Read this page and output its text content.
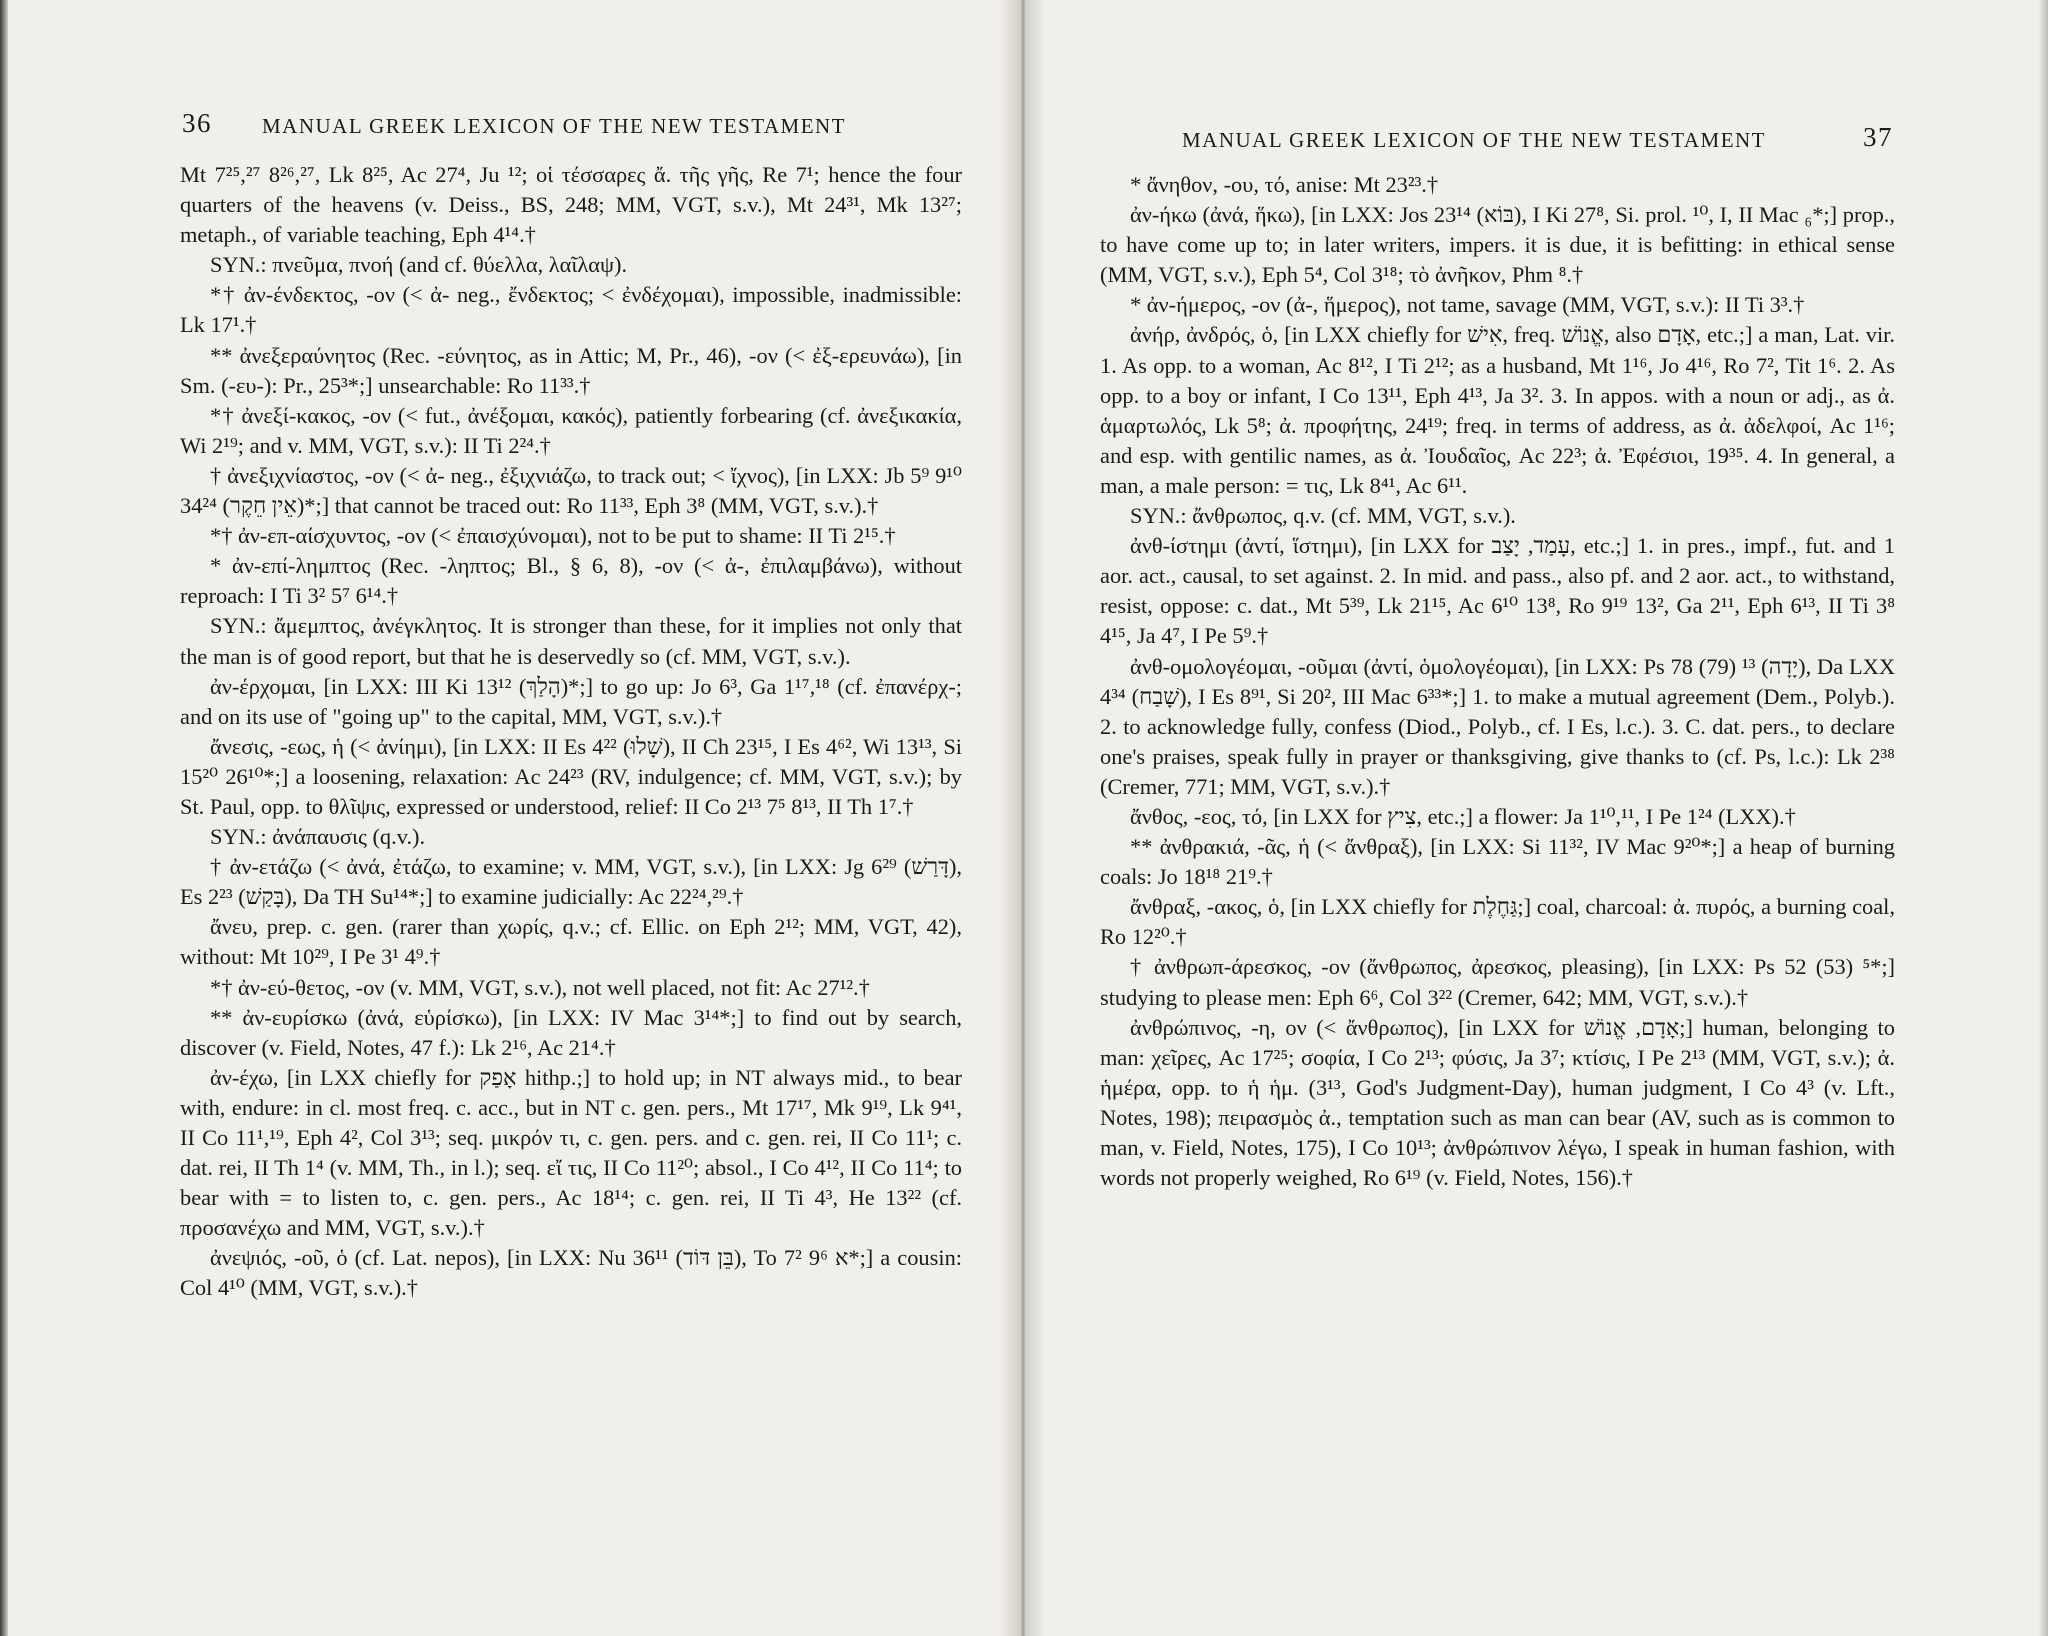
36 MANUAL GREEK LEXICON OF THE NEW TESTAMENT

Mt 7²⁵,²⁷ 8²⁶,²⁷, Lk 8²⁵, Ac 27⁴, Ju ¹²; οἱ τέσσαρες ἄ. τῆς γῆς, Re 7¹; hence the four quarters of the heavens (v. Deiss., BS, 248; MM, VGT, s.v.), Mt 24³¹, Mk 13²⁷; metaph., of variable teaching, Eph 4¹⁴.†

SYN.: πνεῦμα, πνοή (and cf. θύελλα, λαῖλαψ).

*† ἀν-ένδεκτος, -ον (< ἀ- neg., ἔνδεκτος; < ἐνδέχομαι), impossible, inadmissible: Lk 17¹.†

** ἀνεξεραύνητος (Rec. -εύνητος, as in Attic; M, Pr., 46), -ον (< ἐξ-ερευνάω), [in Sm. (-ευ-): Pr., 25³*;] unsearchable: Ro 11³³.†

*† ἀνεξί-κακος, -ον (< fut., ἀνέξομαι, κακός), patiently forbearing (cf. ἀνεξικακία, Wi 2¹⁹; and v. MM, VGT, s.v.): II Ti 2²⁴.†

† ἀνεξιχνίαστος, -ον (< ἀ- neg., ἐξιχνιάζω, to track out; < ἴχνος), [in LXX: Jb 5⁹ 9¹⁰ 34²⁴ (אֵין חֵקֶר)*;] that cannot be traced out: Ro 11³³, Eph 3⁸ (MM, VGT, s.v.).†

*† ἀν-επ-αίσχυντος, -ον (< ἐπαισχύνομαι), not to be put to shame: II Ti 2¹⁵.†

* ἀν-επί-λημπτος (Rec. -ληπτος; Bl., § 6, 8), -ον (< ἀ-, ἐπιλαμβάνω), without reproach: I Ti 3² 5⁷ 6¹⁴.†

SYN.: ἄμεμπτος, ἀνέγκλητος. It is stronger than these, for it implies not only that the man is of good report, but that he is deservedly so (cf. MM, VGT, s.v.).

ἀν-έρχομαι, [in LXX: III Ki 13¹² (הָלַךְ)*;] to go up: Jo 6³, Ga 1¹⁷,¹⁸ (cf. ἐπανέρχ-; and on its use of "going up" to the capital, MM, VGT, s.v.).†

ἄνεσις, -εως, ἡ (< ἀνίημι), [in LXX: II Es 4²² (שָׁלוּ), II Ch 23¹⁵, I Es 4⁶², Wi 13¹³, Si 15²⁰ 26¹⁰*;] a loosening, relaxation: Ac 24²³ (RV, indulgence; cf. MM, VGT, s.v.); by St. Paul, opp. to θλῖψις, expressed or understood, relief: II Co 2¹³ 7⁵ 8¹³, II Th 1⁷.†

SYN.: ἀνάπαυσις (q.v.).

† ἀν-ετάζω (< ἀνά, ἐτάζω, to examine; v. MM, VGT, s.v.), [in LXX: Jg 6²⁹ (דָּרַשׁ), Es 2²³ (בָּקַשׁ), Da TH Su¹⁴*;] to examine judicially: Ac 22²⁴,²⁹.†

ἄνευ, prep. c. gen. (rarer than χωρίς, q.v.; cf. Ellic. on Eph 2¹²; MM, VGT, 42), without: Mt 10²⁹, I Pe 3¹ 4⁹.†

*† ἀν-εύ-θετος, -ον (v. MM, VGT, s.v.), not well placed, not fit: Ac 27¹².†

** ἀν-ευρίσκω (ἀνά, εὑρίσκω), [in LXX: IV Mac 3¹⁴*;] to find out by search, discover (v. Field, Notes, 47 f.): Lk 2¹⁶, Ac 21⁴.†

ἀν-έχω, [in LXX chiefly for אָפַק hithp.;] to hold up; in NT always mid., to bear with, endure: in cl. most freq. c. acc., but in NT c. gen. pers., Mt 17¹⁷, Mk 9¹⁹, Lk 9⁴¹, II Co 11¹,¹⁹, Eph 4², Col 3¹³; seq. μικρόν τι, c. gen. pers. and c. gen. rei, II Co 11¹; c. dat. rei, II Th 1⁴ (v. MM, Th., in l.); seq. εἴ τις, II Co 11²⁰; absol., I Co 4¹², II Co 11⁴; to bear with = to listen to, c. gen. pers., Ac 18¹⁴; c. gen. rei, II Ti 4³, He 13²² (cf. προσανέχω and MM, VGT, s.v.).†

ἀνεψιός, -οῦ, ὁ (cf. Lat. nepos), [in LXX: Nu 36¹¹ (בֵּן דּוֹד), To 7² 9⁶ א*;] a cousin: Col 4¹⁰ (MM, VGT, s.v.).†

MANUAL GREEK LEXICON OF THE NEW TESTAMENT	37

* ἄνηθον, -ου, τό, anise: Mt 23²³.†

ἀν-ήκω (ἀνά, ἥκω), [in LXX: Jos 23¹⁴ (בּוֹא), I Ki 27⁸, Si. prol. ¹⁰, I, II Mac ₆*;] prop., to have come up to; in later writers, impers. it is due, it is befitting: in ethical sense (MM, VGT, s.v.), Eph 5⁴, Col 3¹⁸; τὸ ἀνῆκον, Phm ⁸.†

* ἀν-ήμερος, -ον (ἀ-, ἥμερος), not tame, savage (MM, VGT, s.v.): II Ti 3³.†

ἀνήρ, ἀνδρός, ὁ, [in LXX chiefly for אִישׁ, freq. אֱנוֹשׁ, also אָדָם, etc.;] a man, Lat. vir. 1. As opp. to a woman, Ac 8¹², I Ti 2¹²; as a husband, Mt 1¹⁶, Jo 4¹⁶, Ro 7², Tit 1⁶. 2. As opp. to a boy or infant, I Co 13¹¹, Eph 4¹³, Ja 3². 3. In appos. with a noun or adj., as ἀ. ἁμαρτωλός, Lk 5⁸; ἀ. προφήτης, 24¹⁹; freq. in terms of address, as ἀ. ἀδελφοί, Ac 1¹⁶; and esp. with gentilic names, as ἀ. Ἰουδαῖος, Ac 22³; ἀ. Ἐφέσιοι, 19³⁵. 4. In general, a man, a male person: = τις, Lk 8⁴¹, Ac 6¹¹.

SYN.: ἄνθρωπος, q.v. (cf. MM, VGT, s.v.).

ἀνθ-ίστημι (ἀντί, ἵστημι), [in LXX for עָמַד, יָצַב, etc.;] 1. in pres., impf., fut. and 1 aor. act., causal, to set against. 2. In mid. and pass., also pf. and 2 aor. act., to withstand, resist, oppose: c. dat., Mt 5³⁹, Lk 21¹⁵, Ac 6¹⁰ 13⁸, Ro 9¹⁹ 13², Ga 2¹¹, Eph 6¹³, II Ti 3⁸ 4¹⁵, Ja 4⁷, I Pe 5⁹.†

ἀνθ-ομολογέομαι, -οῦμαι (ἀντί, ὁμολογέομαι), [in LXX: Ps 78 (79) ¹³ (יָדָה), Da LXX 4³⁴ (שָׁבַח), I Es 8⁹¹, Si 20², III Mac 6³³*;] 1. to make a mutual agreement (Dem., Polyb.). 2. to acknowledge fully, confess (Diod., Polyb., cf. I Es, l.c.). 3. C. dat. pers., to declare one's praises, speak fully in prayer or thanksgiving, give thanks to (cf. Ps, l.c.): Lk 2³⁸ (Cremer, 771; MM, VGT, s.v.).†

ἄνθος, -εος, τό, [in LXX for צִיץ, etc.;] a flower: Ja 1¹⁰,¹¹, I Pe 1²⁴ (LXX).†

** ἀνθρακιά, -ᾶς, ἡ (< ἄνθραξ), [in LXX: Si 11³², IV Mac 9²⁰*;] a heap of burning coals: Jo 18¹⁸ 21⁹.†

ἄνθραξ, -ακος, ὁ, [in LXX chiefly for גַּחֶלֶת;] coal, charcoal: ἀ. πυρός, a burning coal, Ro 12²⁰.†

† ἀνθρωπ-άρεσκος, -ον (ἄνθρωπος, ἀρεσκος, pleasing), [in LXX: Ps 52 (53) ⁵*;] studying to please men: Eph 6⁶, Col 3²² (Cremer, 642; MM, VGT, s.v.).†

ἀνθρώπινος, -η, ον (< ἄνθρωπος), [in LXX for אָדָם, אֱנוֹשׁ;] human, belonging to man: χεῖρες, Ac 17²⁵; σοφία, I Co 2¹³; φύσις, Ja 3⁷; κτίσις, I Pe 2¹³ (MM, VGT, s.v.); ἀ. ἡμέρα, opp. to ἡ ἡμ. (3¹³, God's Judgment-Day), human judgment, I Co 4³ (v. Lft., Notes, 198); πειρασμὸς ἀ., temptation such as man can bear (AV, such as is common to man, v. Field, Notes, 175), I Co 10¹³; ἀνθρώπινον λέγω, I speak in human fashion, with words not properly weighed, Ro 6¹⁹ (v. Field, Notes, 156).†
